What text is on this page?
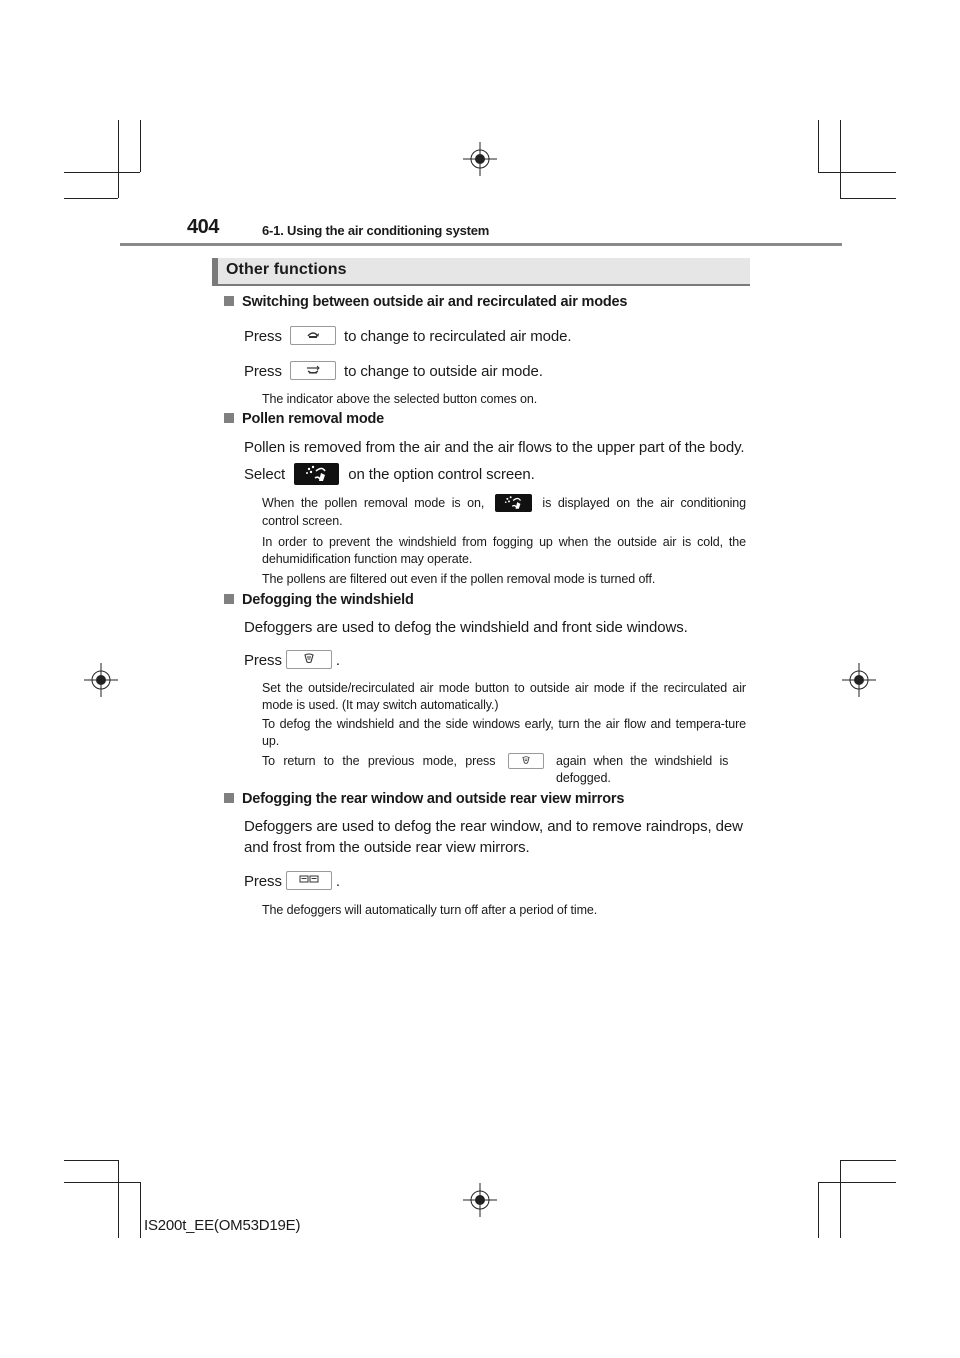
404	6-1. Using the air conditioning system
Other functions
Switching between outside air and recirculated air modes
Press	to change to recirculated air mode.
Press	to change to outside air mode.
The indicator above the selected button comes on.
Pollen removal mode
Pollen is removed from the air and the air flows to the upper part of the body.
Select	on the option control screen.
When the pollen removal mode is on,	is displayed on the air conditioning
control screen.
In order to prevent the windshield from fogging up when the outside air is cold, the dehumidification function may operate.
The pollens are filtered out even if the pollen removal mode is turned off.
Defogging the windshield
Defoggers are used to defog the windshield and front side windows.
Press	.
Set the outside/recirculated air mode button to outside air mode if the recirculated air mode is used. (It may switch automatically.)
To defog the windshield and the side windows early, turn the air flow and tempera-ture up.
To return to the previous mode, press	again when the windshield is defogged.
Defogging the rear window and outside rear view mirrors
Defoggers are used to defog the rear window, and to remove raindrops, dew and frost from the outside rear view mirrors.
Press	.
The defoggers will automatically turn off after a period of time.
IS200t_EE(OM53D19E)
